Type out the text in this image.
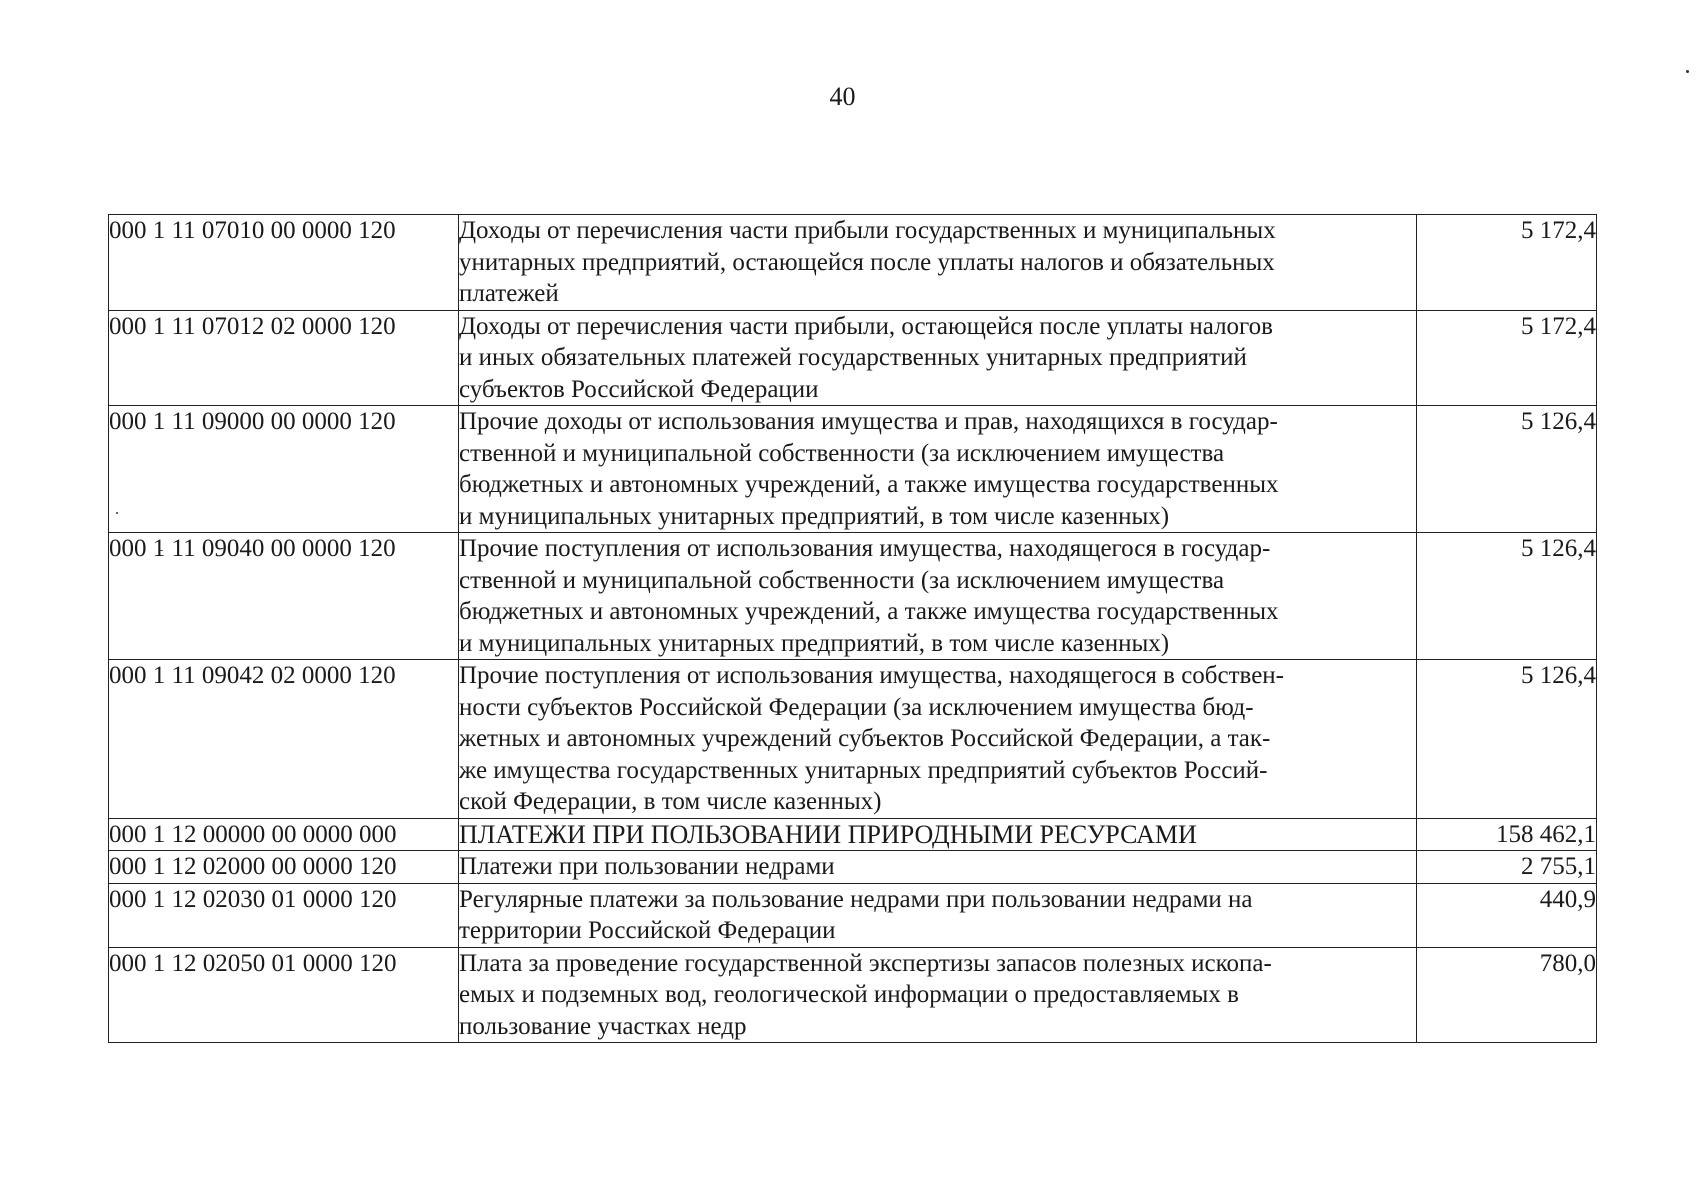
40
000 1 11 07010 00 0000 120	Доходы от перечисления части прибыли государственных и муниципальных
унитарных предприятий, остающейся после уплаты налогов и обязательных
платежей	5 172,4
000 1 11 07012 02 0000 120	Доходы от перечисления части прибыли, остающейся после уплаты налогов
и иных обязательных платежей государственных унитарных предприятий
субъектов Российской Федерации	5 172,4
000 1 11 09000 00 0000 120	Прочие доходы от использования имущества и прав, находящихся в государ-
ственной и муниципальной собственности (за исключением имущества
бюджетных и автономных учреждений, а также имущества государственных
и муниципальных унитарных предприятий, в том числе казенных)	5 126,4
000 1 11 09040 00 0000 120	Прочие поступления от использования имущества, находящегося в государ-
ственной и муниципальной собственности (за исключением имущества
бюджетных и автономных учреждений, а также имущества государственных
и муниципальных унитарных предприятий, в том числе казенных)	5 126,4
000 1 11 09042 02 0000 120	Прочие поступления от использования имущества, находящегося в собствен-
ности субъектов Российской Федерации (за исключением имущества бюд-
жетных и автономных учреждений субъектов Российской Федерации, а так-
же имущества государственных унитарных предприятий субъектов Россий-
ской Федерации, в том числе казенных)	5 126,4
000 1 12 00000 00 0000 000	ПЛАТЕЖИ ПРИ ПОЛЬЗОВАНИИ ПРИРОДНЫМИ РЕСУРСАМИ	158 462,1
000 1 12 02000 00 0000 120	Платежи при пользовании недрами	2 755,1
000 1 12 02030 01 0000 120	Регулярные платежи за пользование недрами при пользовании недрами на
территории Российской Федерации	440,9
000 1 12 02050 01 0000 120	Плата за проведение государственной экспертизы запасов полезных ископа-
емых и подземных вод, геологической информации о предоставляемых в
пользование участках недр	780,0
